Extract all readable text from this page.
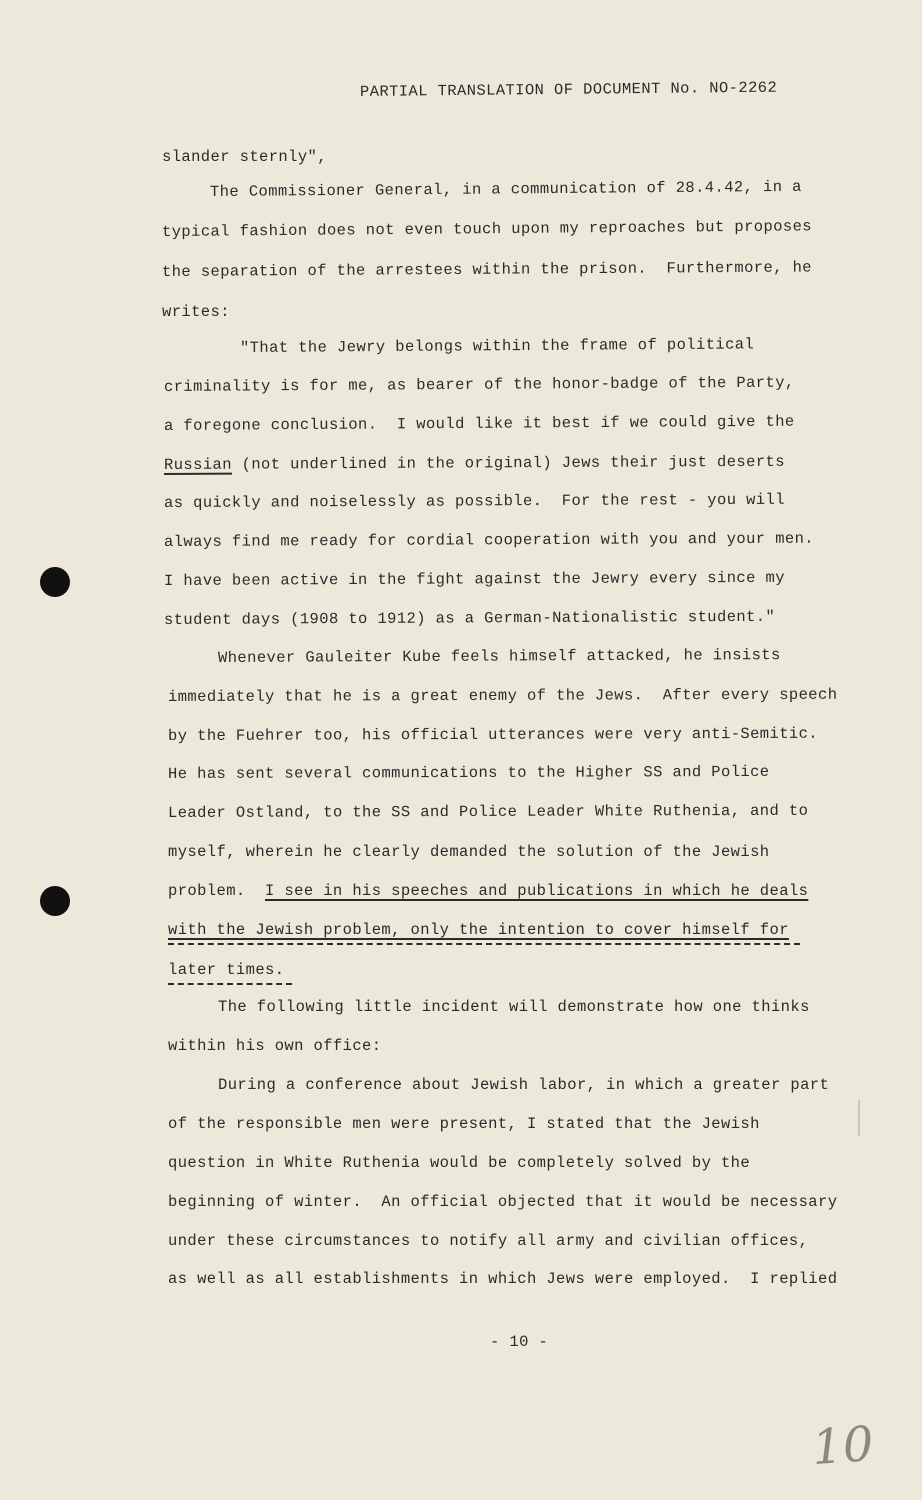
PARTIAL TRANSLATION OF DOCUMENT No. NO-2262
slander sternly",
The Commissioner General, in a communication of 28.4.42, in a
typical fashion does not even touch upon my reproaches but proposes
the separation of the arrestees within the prison.  Furthermore, he
writes:
"That the Jewry belongs within the frame of political
criminality is for me, as bearer of the honor-badge of the Party,
a foregone conclusion.  I would like it best if we could give the
Russian (not underlined in the original) Jews their just deserts
as quickly and noiselessly as possible.  For the rest - you will
always find me ready for cordial cooperation with you and your men.
I have been active in the fight against the Jewry every since my
student days (1908 to 1912) as a German-Nationalistic student."
Whenever Gauleiter Kube feels himself attacked, he insists
immediately that he is a great enemy of the Jews.  After every speech
by the Fuehrer too, his official utterances were very anti-Semitic.
He has sent several communications to the Higher SS and Police
Leader Ostland, to the SS and Police Leader White Ruthenia, and to
myself, wherein he clearly demanded the solution of the Jewish
problem.  I see in his speeches and publications in which he deals
with the Jewish problem, only the intention to cover himself for
later times.
The following little incident will demonstrate how one thinks
within his own office:
During a conference about Jewish labor, in which a greater part
of the responsible men were present, I stated that the Jewish
question in White Ruthenia would be completely solved by the
beginning of winter.  An official objected that it would be necessary
under these circumstances to notify all army and civilian offices,
as well as all establishments in which Jews were employed.  I replied
- 10 -
10
